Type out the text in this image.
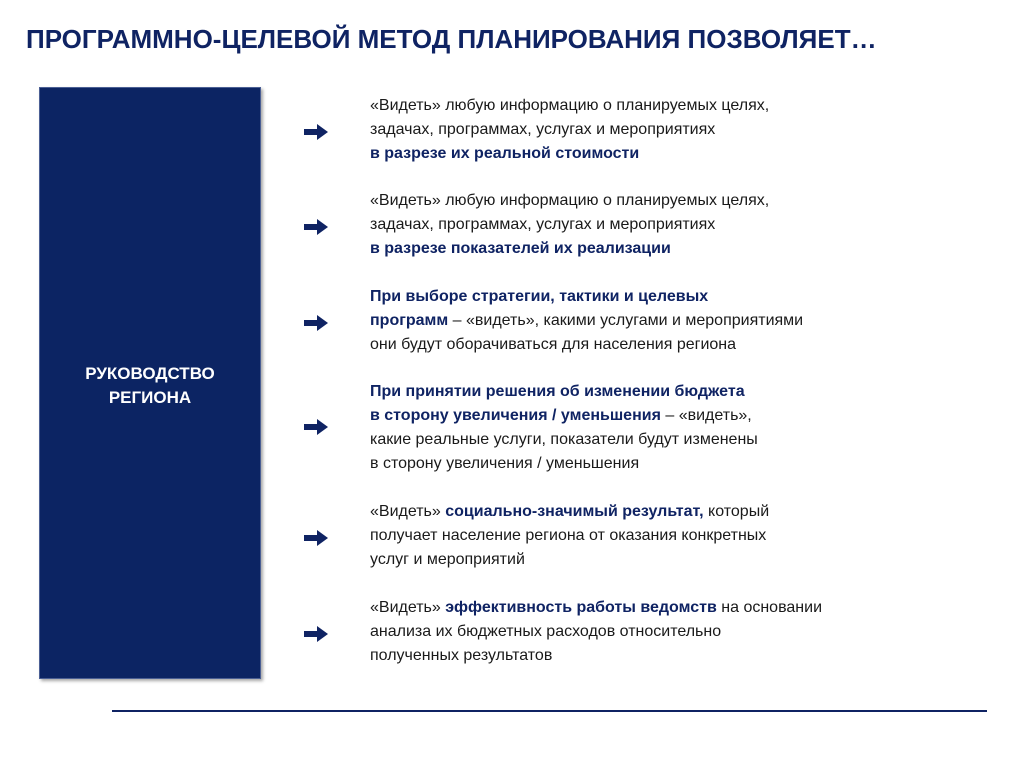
ПРОГРАММНО-ЦЕЛЕВОЙ МЕТОД ПЛАНИРОВАНИЯ ПОЗВОЛЯЕТ…
РУКОВОДСТВО
РЕГИОНА
«Видеть» любую информацию о планируемых целях,
задачах, программах, услугах и мероприятиях
в разрезе их реальной стоимости
«Видеть» любую информацию о планируемых целях,
задачах, программах, услугах и мероприятиях
в разрезе показателей их реализации
При выборе стратегии, тактики и целевых
программ – «видеть», какими услугами и мероприятиями
они будут оборачиваться для населения региона
При принятии решения об изменении бюджета
в сторону увеличения / уменьшения – «видеть»,
какие реальные услуги, показатели будут изменены
в сторону увеличения / уменьшения
«Видеть» социально-значимый результат, который
получает население региона от оказания конкретных
услуг и мероприятий
«Видеть» эффективность работы ведомств на основании
анализа их бюджетных расходов относительно
полученных результатов
